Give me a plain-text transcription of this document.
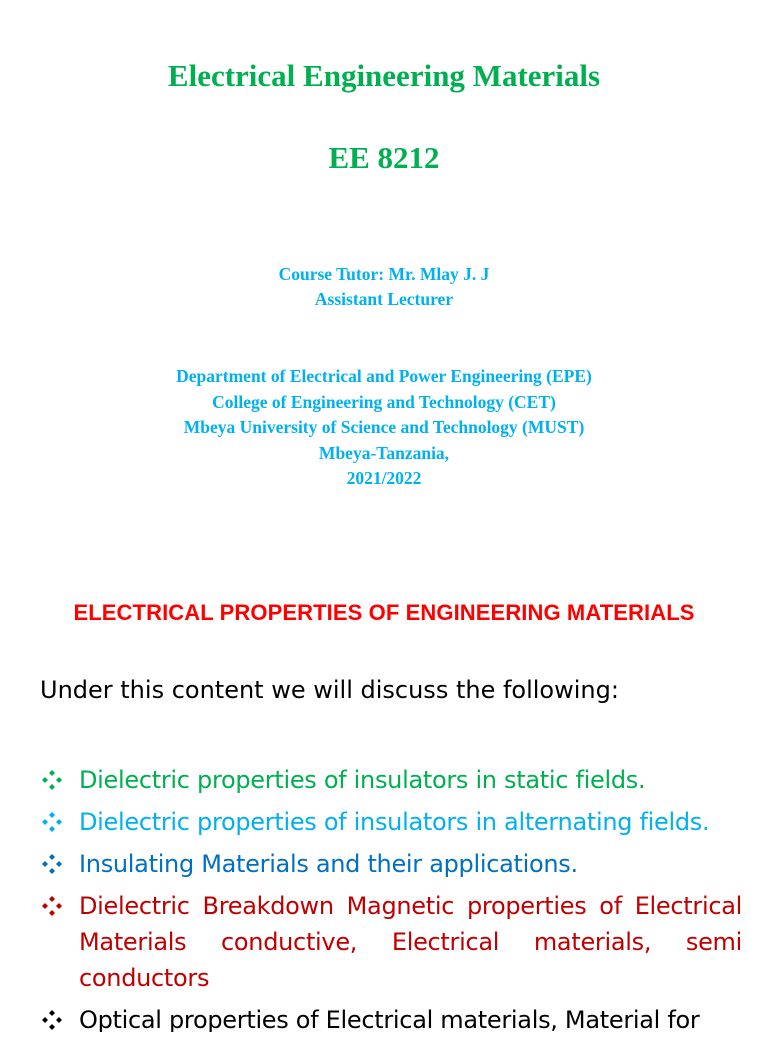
Electrical Engineering Materials
EE 8212
Course Tutor: Mr. Mlay J. J
Assistant Lecturer
Department of Electrical and Power Engineering (EPE)
College of Engineering and Technology (CET)
Mbeya University of Science and Technology (MUST)
Mbeya-Tanzania,
2021/2022
ELECTRICAL PROPERTIES OF ENGINEERING MATERIALS
Under this content we will discuss the following:
Dielectric properties of insulators in static fields.
Dielectric properties of insulators in alternating fields.
Insulating Materials and their applications.
Dielectric Breakdown Magnetic properties of Electrical Materials conductive, Electrical materials, semi conductors
Optical properties of Electrical materials, Material for
